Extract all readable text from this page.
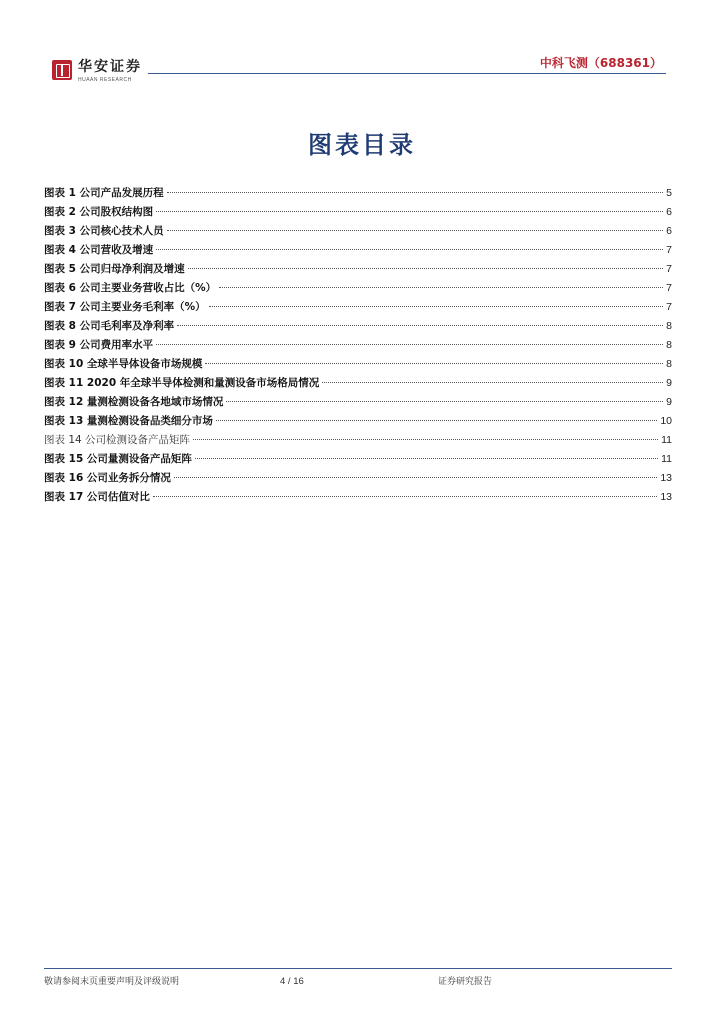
华安证券
HUAAN RESEARCH
中科飞测（688361）
图表目录
图表 1 公司产品发展历程	5
图表 2 公司股权结构图	6
图表 3 公司核心技术人员	6
图表 4 公司营收及增速	7
图表 5 公司归母净利润及增速	7
图表 6 公司主要业务营收占比（%）	7
图表 7 公司主要业务毛利率（%）	7
图表 8 公司毛利率及净利率	8
图表 9 公司费用率水平	8
图表 10 全球半导体设备市场规模	8
图表 11 2020 年全球半导体检测和量测设备市场格局情况	9
图表 12 量测检测设备各地域市场情况	9
图表 13 量测检测设备品类细分市场	10
图表 14 公司检测设备产品矩阵	11
图表 15 公司量测设备产品矩阵	11
图表 16 公司业务拆分情况	13
图表 17 公司估值对比	13
敬请参阅末页重要声明及评级说明	4 / 16	证券研究报告
